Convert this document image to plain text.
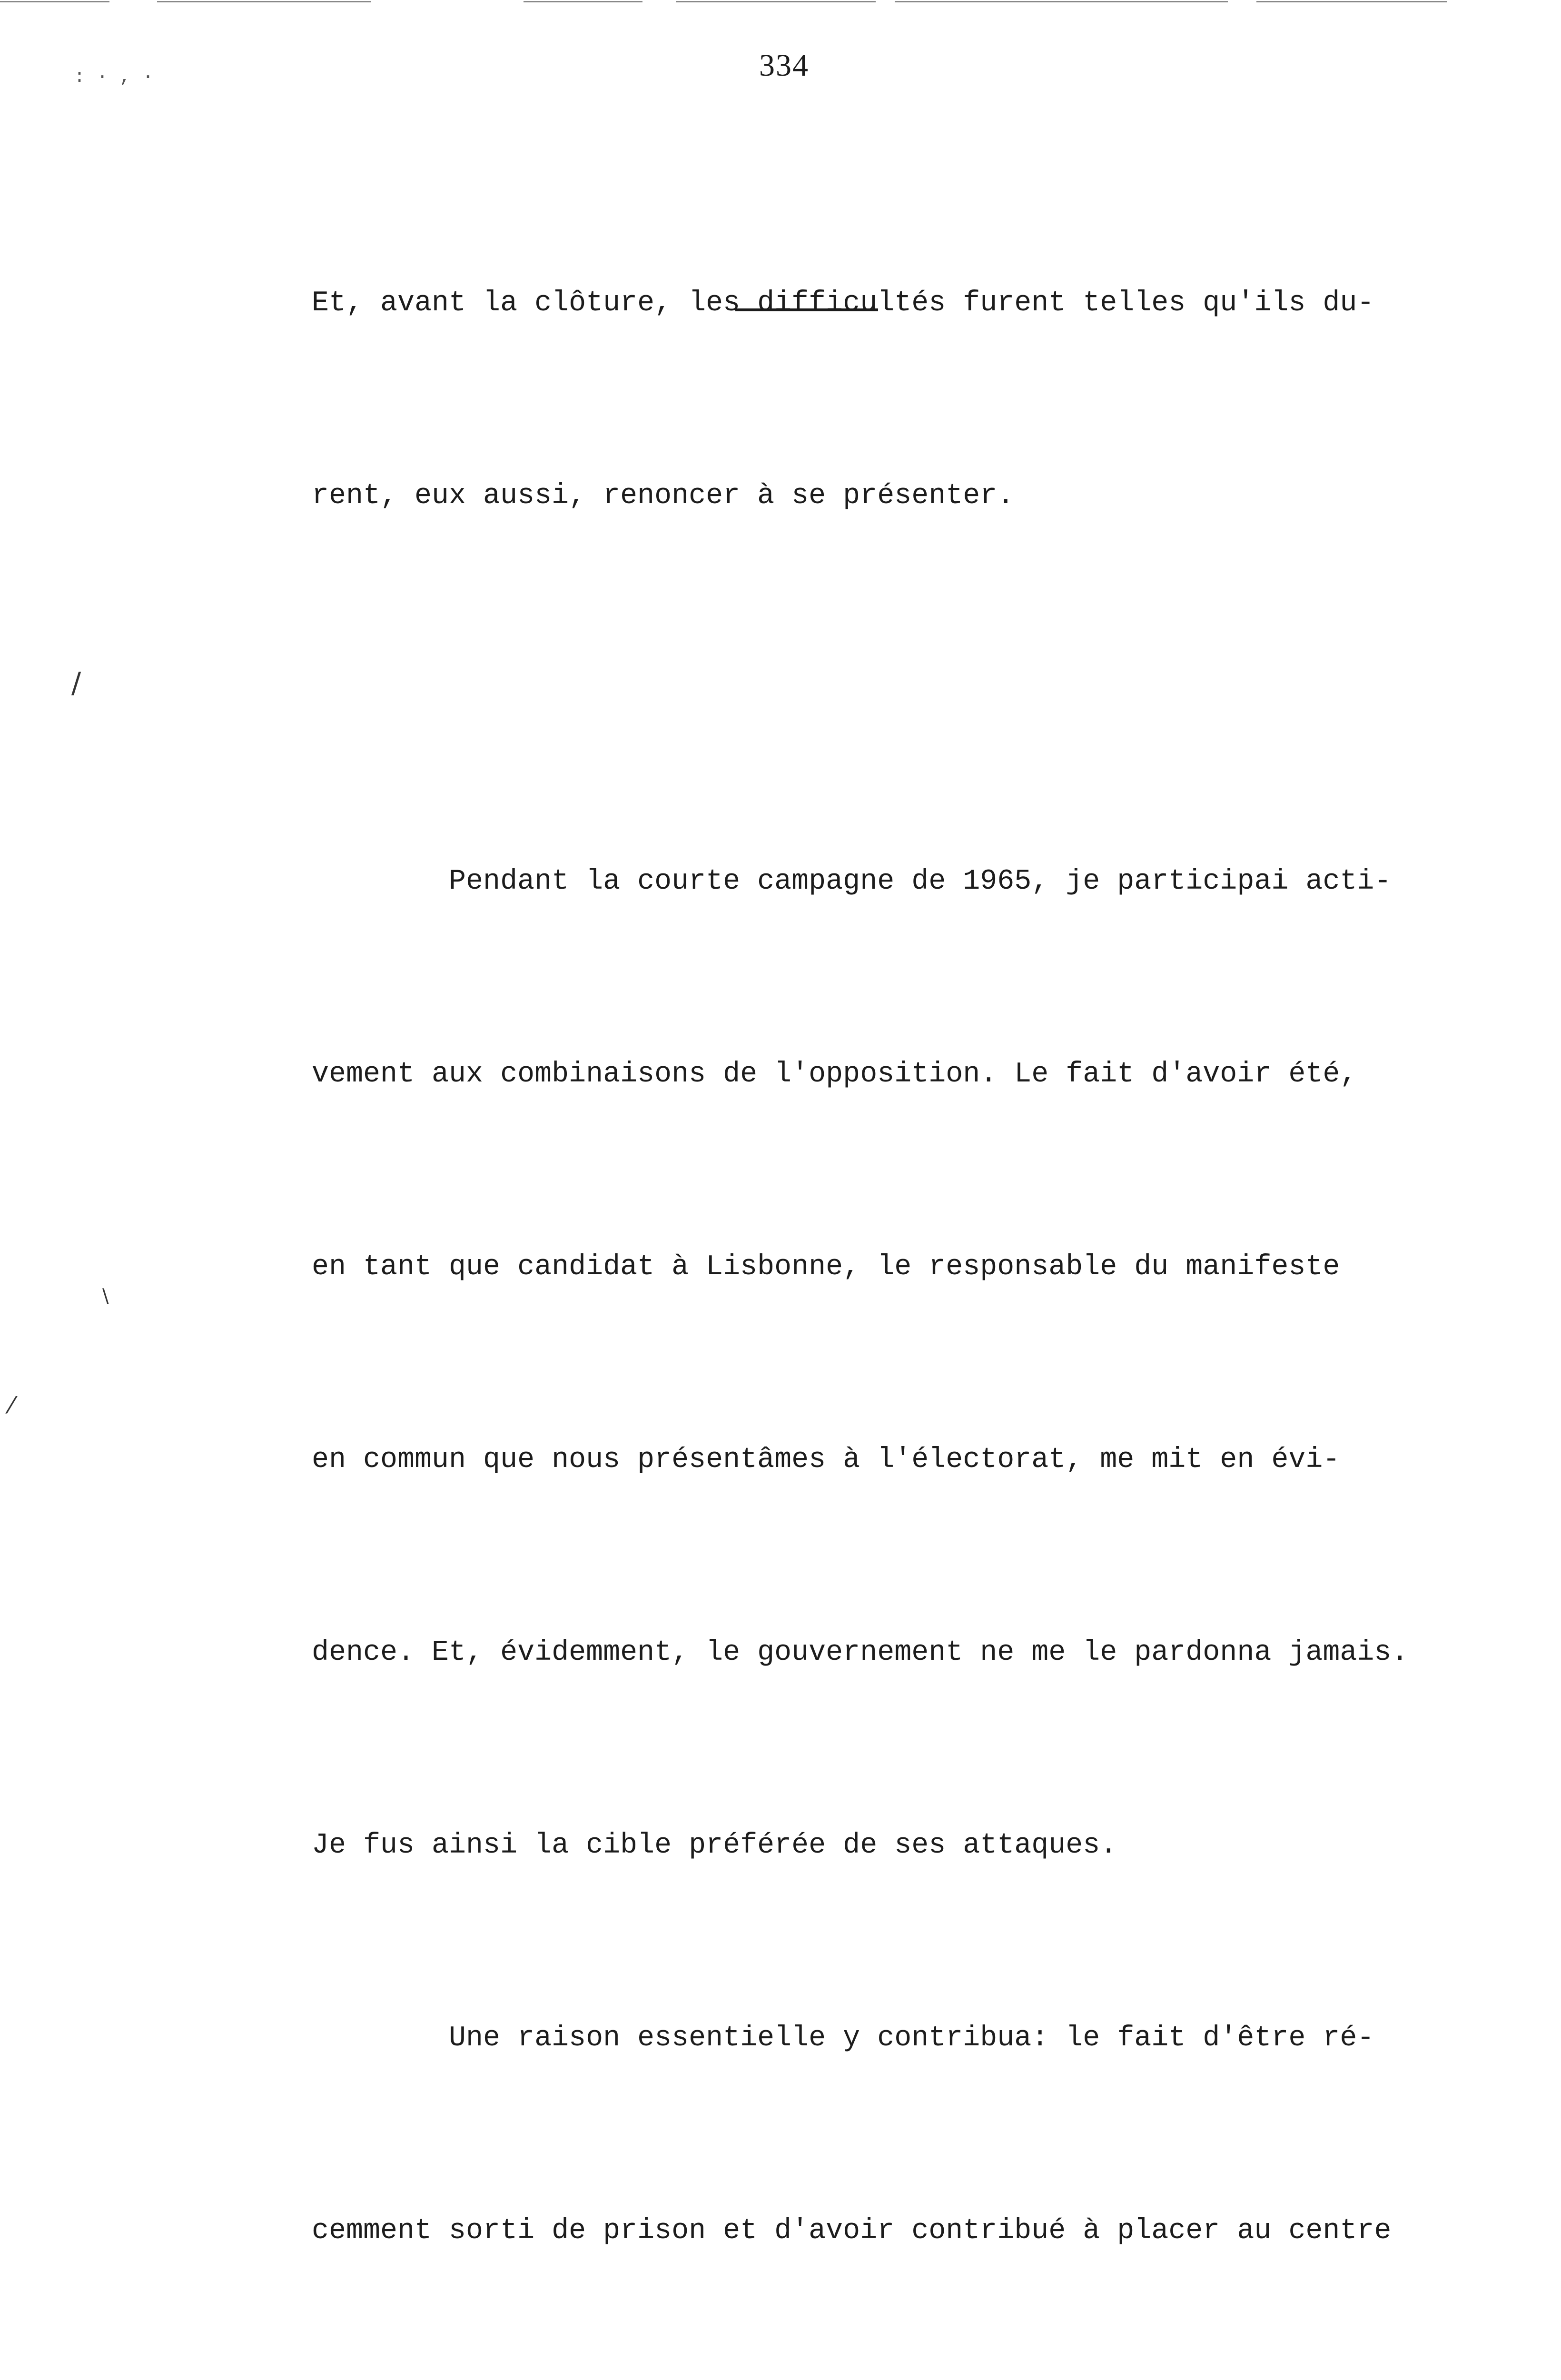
: · , ·	334
/
\
⁄

Et, avant la clôture, les difficultés furent telles qu'ils du-

rent, eux aussi, renoncer à se présenter.

Pendant la courte campagne de 1965, je participai acti-

vement aux combinaisons de l'opposition. Le fait d'avoir été,

en tant que candidat à Lisbonne, le responsable du manifeste

en commun que nous présentâmes à l'électorat, me mit en évi-

dence. Et, évidemment, le gouvernement ne me le pardonna jamais.

Je fus ainsi la cible préférée de ses attaques.

Une raison essentielle y contribua: le fait d'être ré-

cemment sorti de prison et d'avoir contribué à placer au centre
